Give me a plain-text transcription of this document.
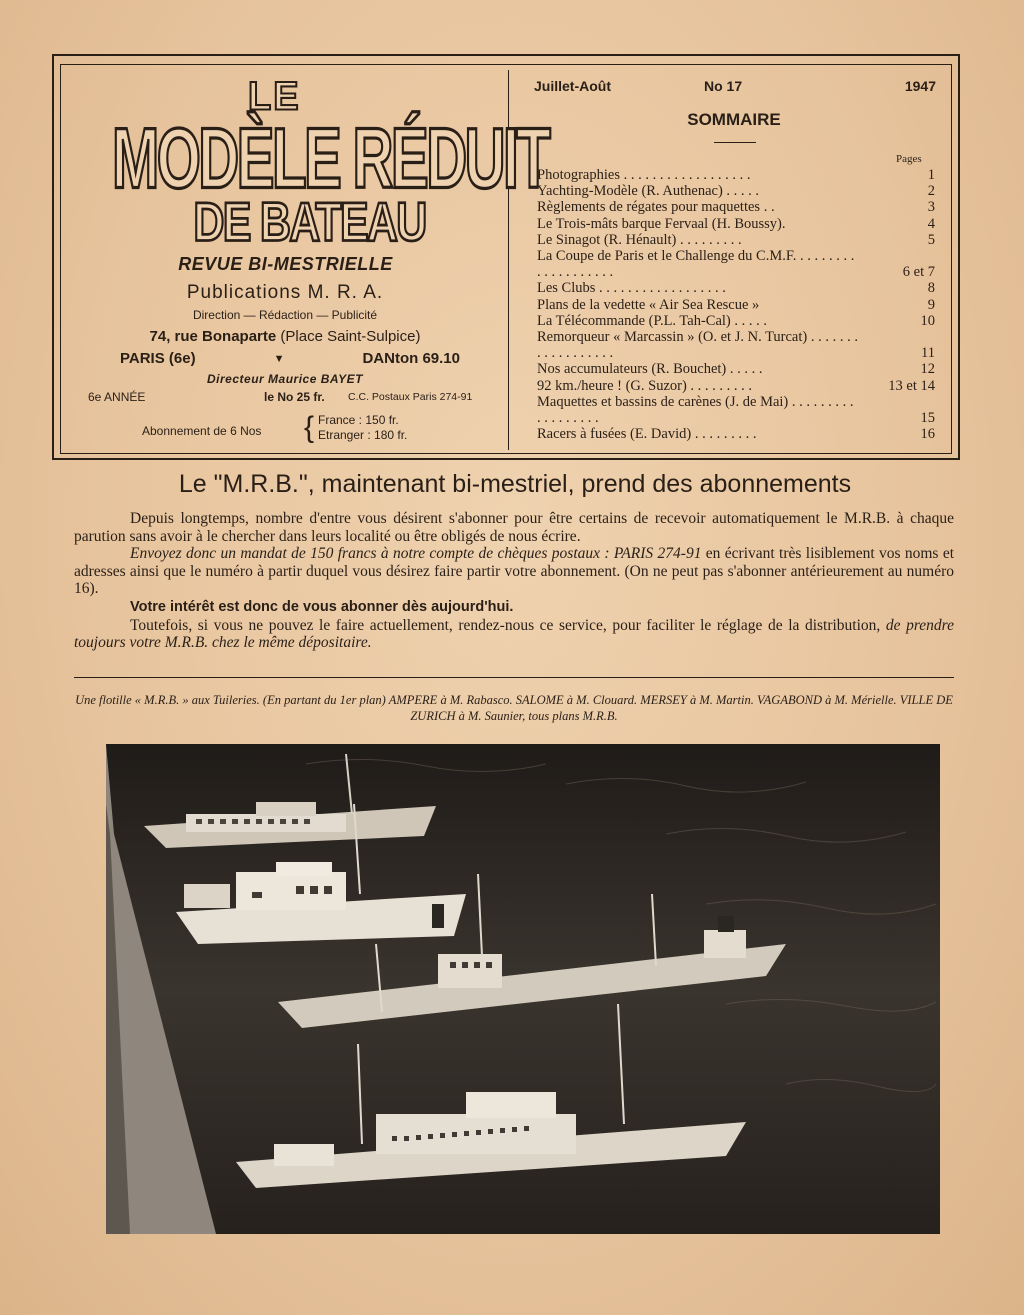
LE
MODÈLE RÉDUIT
DE BATEAU
REVUE BI-MESTRIELLE
Publications M. R. A.
Direction — Rédaction — Publicité
74, rue Bonaparte (Place Saint-Sulpice)
PARIS (6e)	▼	DANton 69.10
Directeur Maurice BAYET
6e ANNÉE	le No 25 fr. C.C. Postaux Paris 274-91
Abonnement de 6 Nos { France : 150 fr.
Etranger : 180 fr.
Juillet-Août	No 17	1947
SOMMAIRE
Pages
Photographies . . . . . . . . . . . . . . . . . .	1
Yachting-Modèle (R. Authenac) . . . . .	2
Règlements de régates pour maquettes . .	3
Le Trois-mâts barque Fervaal (H. Boussy).	4
Le Sinagot (R. Hénault) . . . . . . . . .	5
La Coupe de Paris et le Challenge du C.M.F. . . . . . . . . . . . . . . . . . . .	6 et 7
Les Clubs . . . . . . . . . . . . . . . . . .	8
Plans de la vedette « Air Sea Rescue »	9
La Télécommande (P.L. Tah-Cal) . . . . .	10
Remorqueur « Marcassin » (O. et J. N. Turcat) . . . . . . . . . . . . . . . . . .	11
Nos accumulateurs (R. Bouchet) . . . . .	12
92 km./heure ! (G. Suzor) . . . . . . . . .	13 et 14
Maquettes et bassins de carènes (J. de Mai) . . . . . . . . . . . . . . . . . .	15
Racers à fusées (E. David) . . . . . . . . .	16
Le "M.R.B.", maintenant bi-mestriel, prend des abonnements

Depuis longtemps, nombre d'entre vous désirent s'abonner pour être certains de recevoir automatiquement le M.R.B. à chaque parution sans avoir à le chercher dans leurs localité ou être obligés de nous écrire.

Envoyez donc un mandat de 150 francs à notre compte de chèques postaux : PARIS 274-91 en écrivant très lisiblement vos noms et adresses ainsi que le numéro à partir duquel vous désirez faire partir votre abonnement. (On ne peut pas s'abonner antérieurement au numéro 16).

Votre intérêt est donc de vous abonner dès aujourd'hui.

Toutefois, si vous ne pouvez le faire actuellement, rendez-nous ce service, pour faciliter le réglage de la distribution, de prendre toujours votre M.R.B. chez le même dépositaire.

Une flotille « M.R.B. » aux Tuileries. (En partant du 1er plan) AMPERE à M. Rabasco. SALOME à M. Clouard. MERSEY à M. Martin. VAGABOND à M. Mérielle. VILLE DE ZURICH à M. Saunier, tous plans M.R.B.
